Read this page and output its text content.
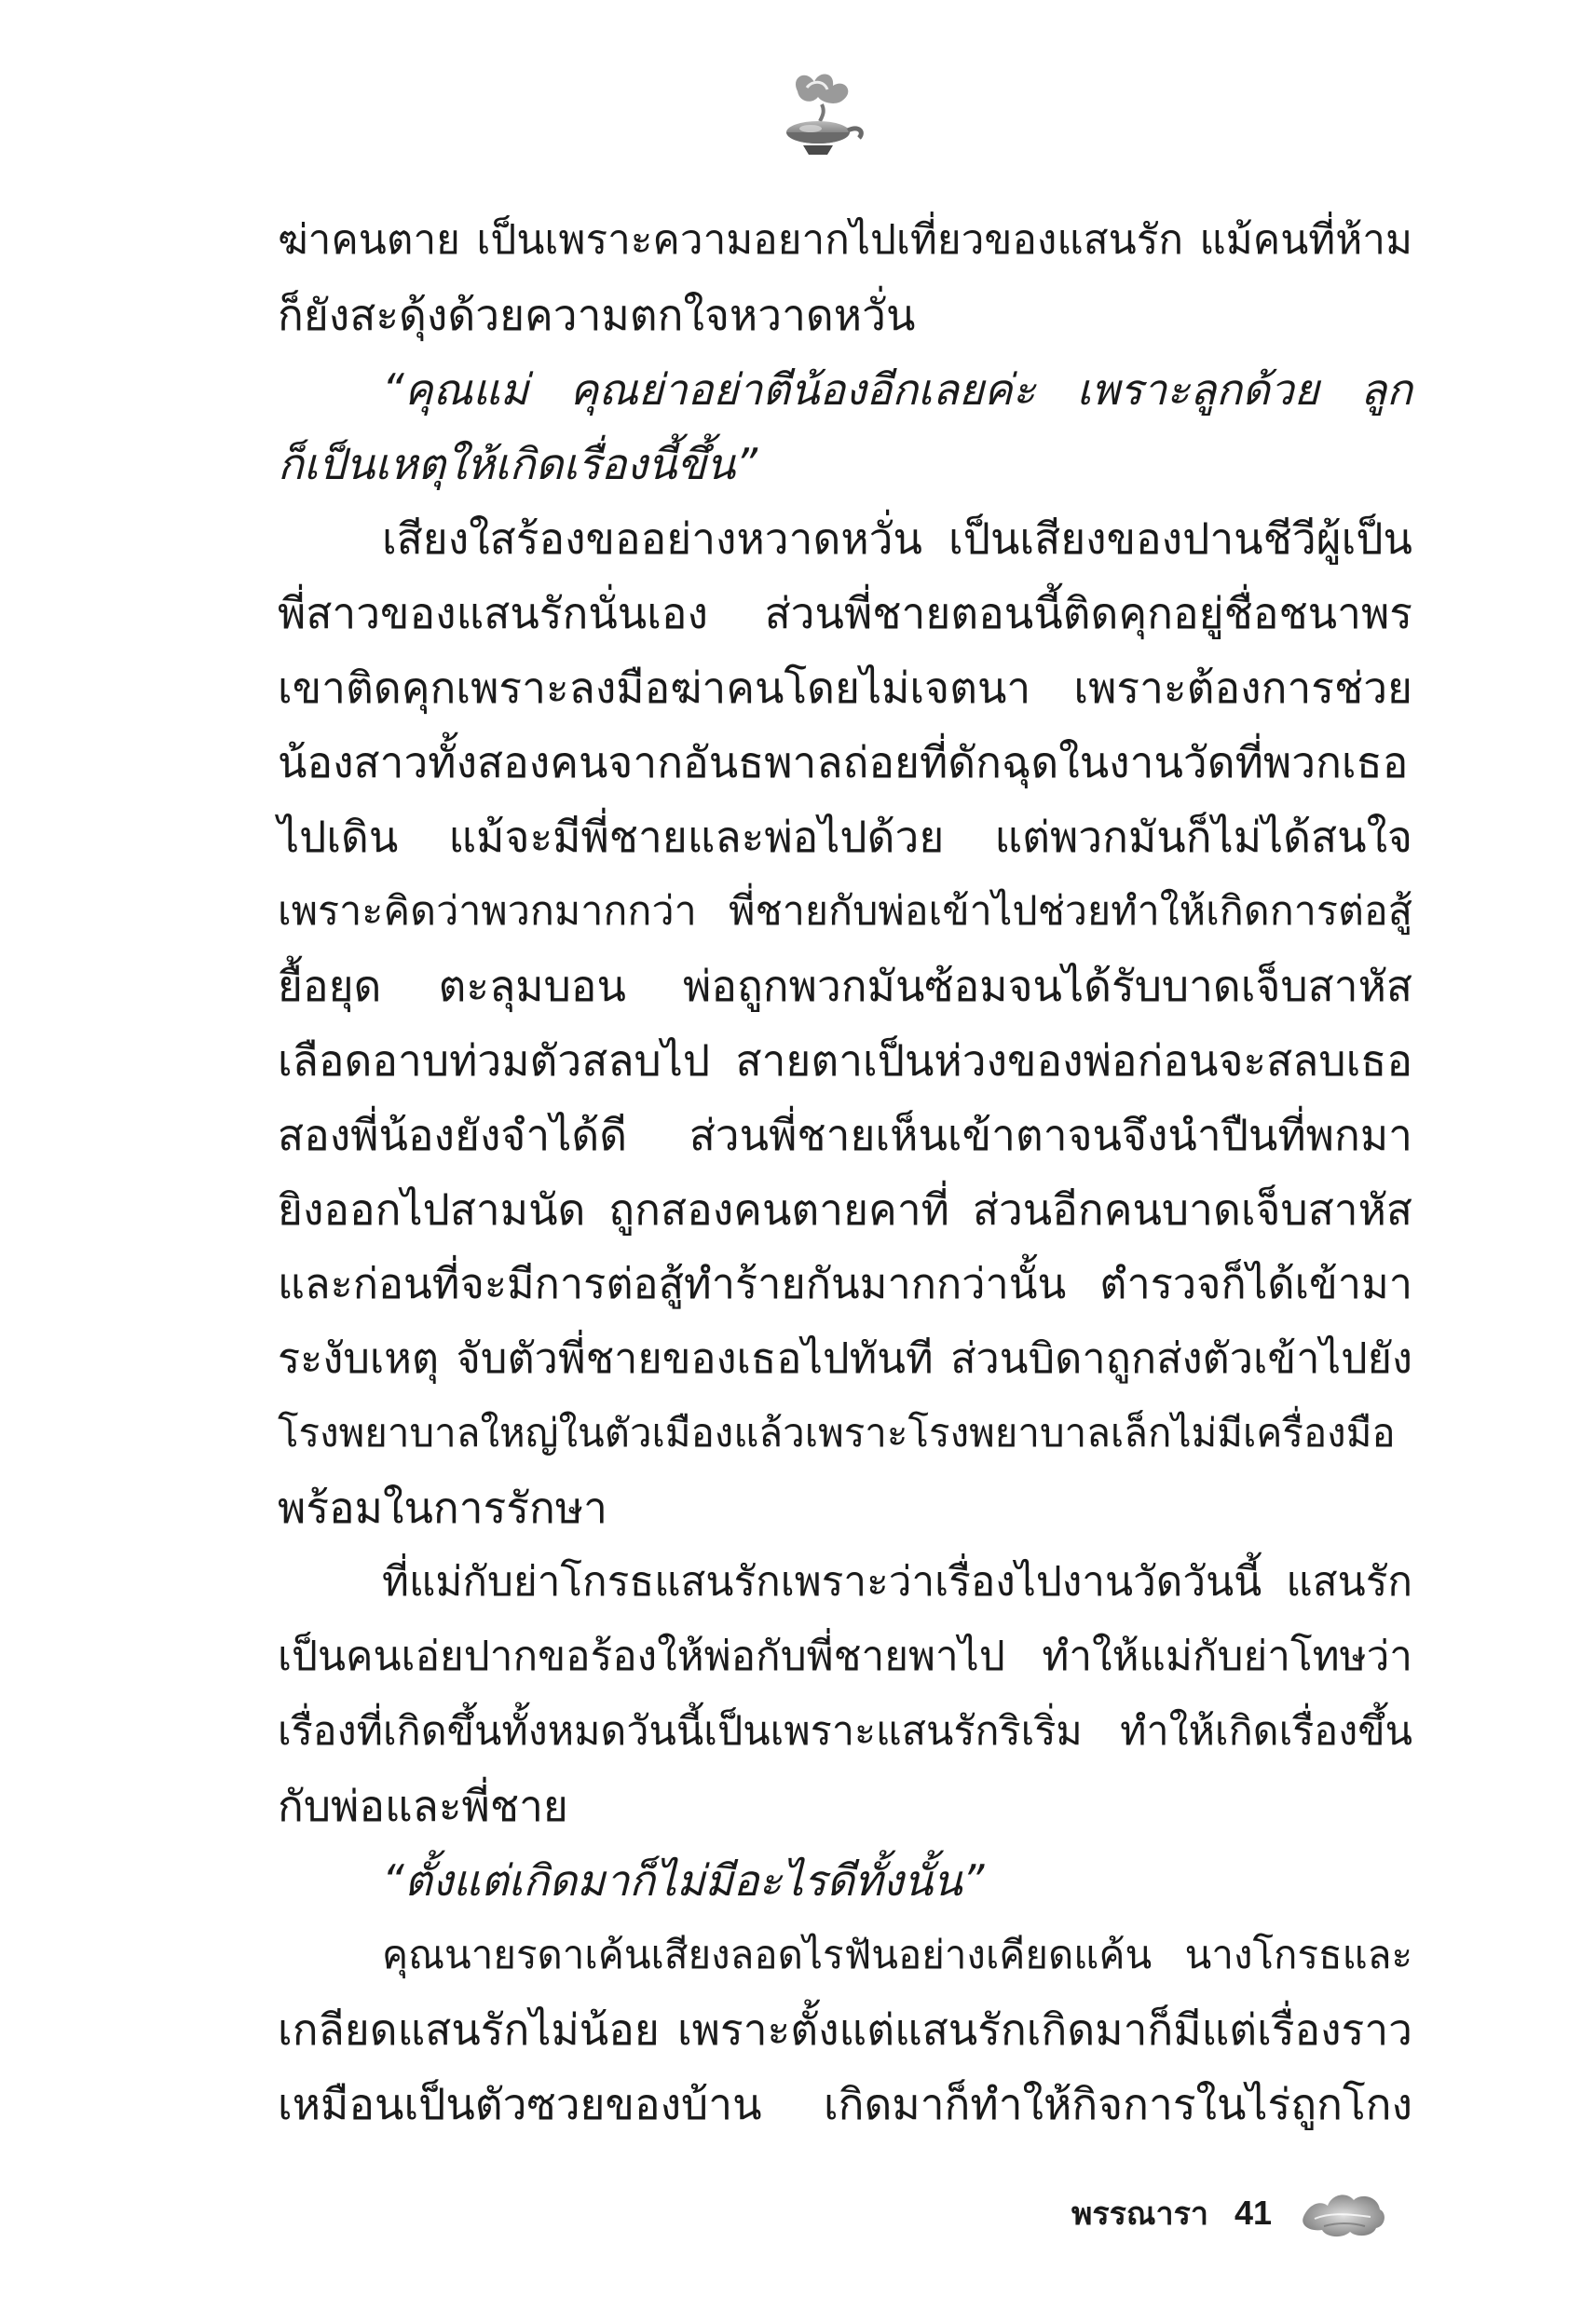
ฆ่าคนตาย เป็นเพราะความอยากไปเที่ยวของแสนรัก แม้คนที่ห้าม
ก็ยังสะดุ้งด้วยความตกใจหวาดหวั่น
“คุณแม่ คุณย่าอย่าตีน้องอีกเลยค่ะ เพราะลูกด้วย ลูก
ก็เป็นเหตุให้เกิดเรื่องนี้ขึ้น”
เสียงใสร้องขออย่างหวาดหวั่น เป็นเสียงของปานชีวีผู้เป็น
พี่สาวของแสนรักนั่นเอง ส่วนพี่ชายตอนนี้ติดคุกอยู่ชื่อชนาพร
เขาติดคุกเพราะลงมือฆ่าคนโดยไม่เจตนา เพราะต้องการช่วย
น้องสาวทั้งสองคนจากอันธพาลถ่อยที่ดักฉุดในงานวัดที่พวกเธอ
ไปเดิน แม้จะมีพี่ชายและพ่อไปด้วย แต่พวกมันก็ไม่ได้สนใจ
เพราะคิดว่าพวกมากกว่า พี่ชายกับพ่อเข้าไปช่วยทำให้เกิดการต่อสู้
ยื้อยุด ตะลุมบอน พ่อถูกพวกมันซ้อมจนได้รับบาดเจ็บสาหัส
เลือดอาบท่วมตัวสลบไป สายตาเป็นห่วงของพ่อก่อนจะสลบเธอ
สองพี่น้องยังจำได้ดี ส่วนพี่ชายเห็นเข้าตาจนจึงนำปืนที่พกมา
ยิงออกไปสามนัด ถูกสองคนตายคาที่ ส่วนอีกคนบาดเจ็บสาหัส
และก่อนที่จะมีการต่อสู้ทำร้ายกันมากกว่านั้น ตำรวจก็ได้เข้ามา
ระงับเหตุ จับตัวพี่ชายของเธอไปทันที ส่วนบิดาถูกส่งตัวเข้าไปยัง
โรงพยาบาลใหญ่ในตัวเมืองแล้วเพราะโรงพยาบาลเล็กไม่มีเครื่องมือ
พร้อมในการรักษา
ที่แม่กับย่าโกรธแสนรักเพราะว่าเรื่องไปงานวัดวันนี้ แสนรัก
เป็นคนเอ่ยปากขอร้องให้พ่อกับพี่ชายพาไป ทำให้แม่กับย่าโทษว่า
เรื่องที่เกิดขึ้นทั้งหมดวันนี้เป็นเพราะแสนรักริเริ่ม ทำให้เกิดเรื่องขึ้น
กับพ่อและพี่ชาย
“ตั้งแต่เกิดมาก็ไม่มีอะไรดีทั้งนั้น”
คุณนายรดาเค้นเสียงลอดไรฟันอย่างเคียดแค้น นางโกรธและ
เกลียดแสนรักไม่น้อย เพราะตั้งแต่แสนรักเกิดมาก็มีแต่เรื่องราว
เหมือนเป็นตัวซวยของบ้าน เกิดมาก็ทำให้กิจการในไร่ถูกโกง
พรรณารา 41
